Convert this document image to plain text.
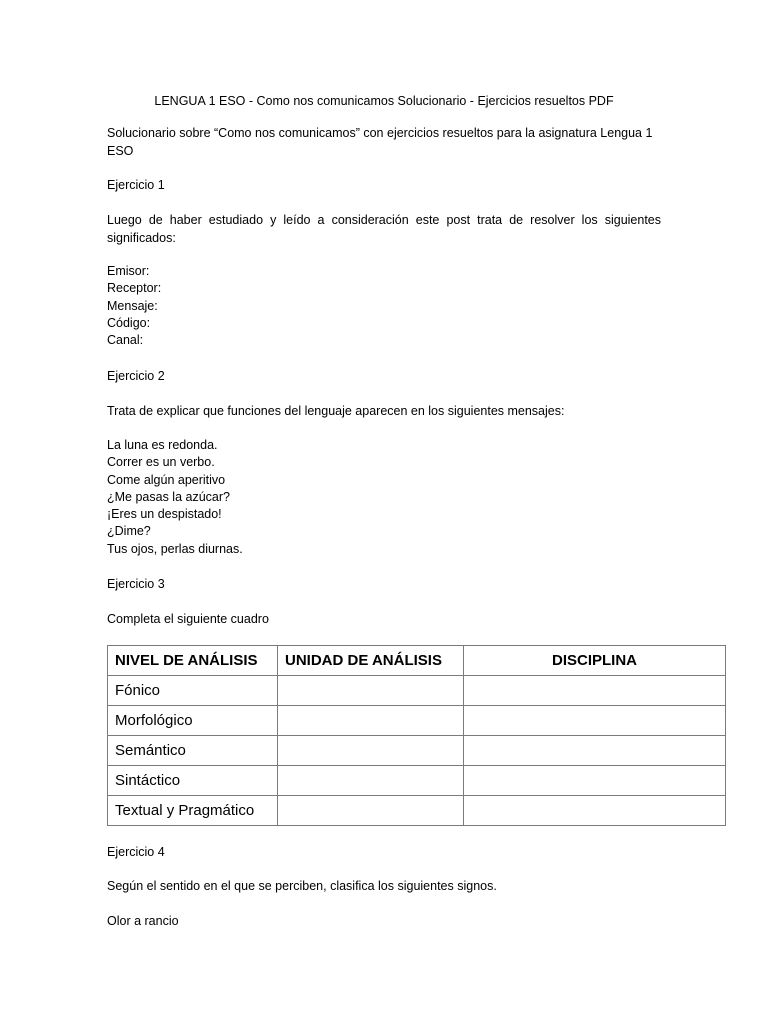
LENGUA 1 ESO - Como nos comunicamos Solucionario - Ejercicios resueltos PDF
Solucionario sobre “Como nos comunicamos” con ejercicios resueltos para la asignatura Lengua 1 ESO
Ejercicio 1
Luego de haber estudiado y leído a consideración este post trata de resolver los siguientes significados:
Emisor:
Receptor:
Mensaje:
Código:
Canal:
Ejercicio 2
Trata de explicar que funciones del lenguaje aparecen en los siguientes mensajes:
La luna es redonda.
Correr es un verbo.
Come algún aperitivo
¿Me pasas la azúcar?
¡Eres un despistado!
¿Dime?
Tus ojos, perlas diurnas.
Ejercicio 3
Completa el siguiente cuadro
NIVEL DE ANÁLISIS	UNIDAD DE ANÁLISIS	DISCIPLINA
Fónico		
Morfológico		
Semántico		
Sintáctico		
Textual y Pragmático		
Ejercicio 4
Según el sentido en el que se perciben, clasifica los siguientes signos.
Olor a rancio
